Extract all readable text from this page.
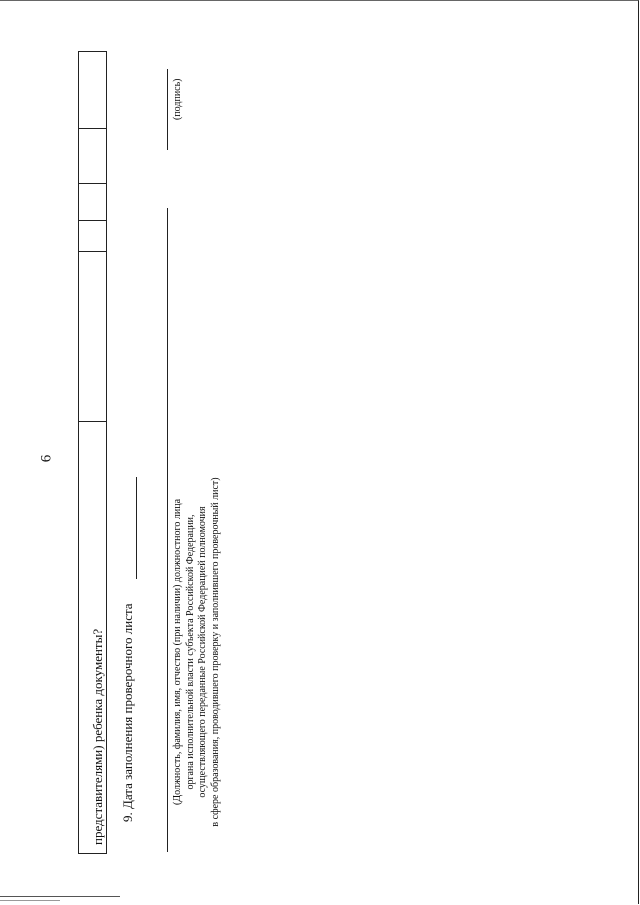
6
представителями) ребенка документы? 9. Дата заполнения проверочного листа	(Должность, фамилия, имя, отчество (при наличии) должностного лица органа исполнительной власти субъекта Российской Федерации, осуществляющего переданные Российской Федерацией полномочия в сфере образования, проводившего проверку и заполнившего проверочный лист)
(подпись)
